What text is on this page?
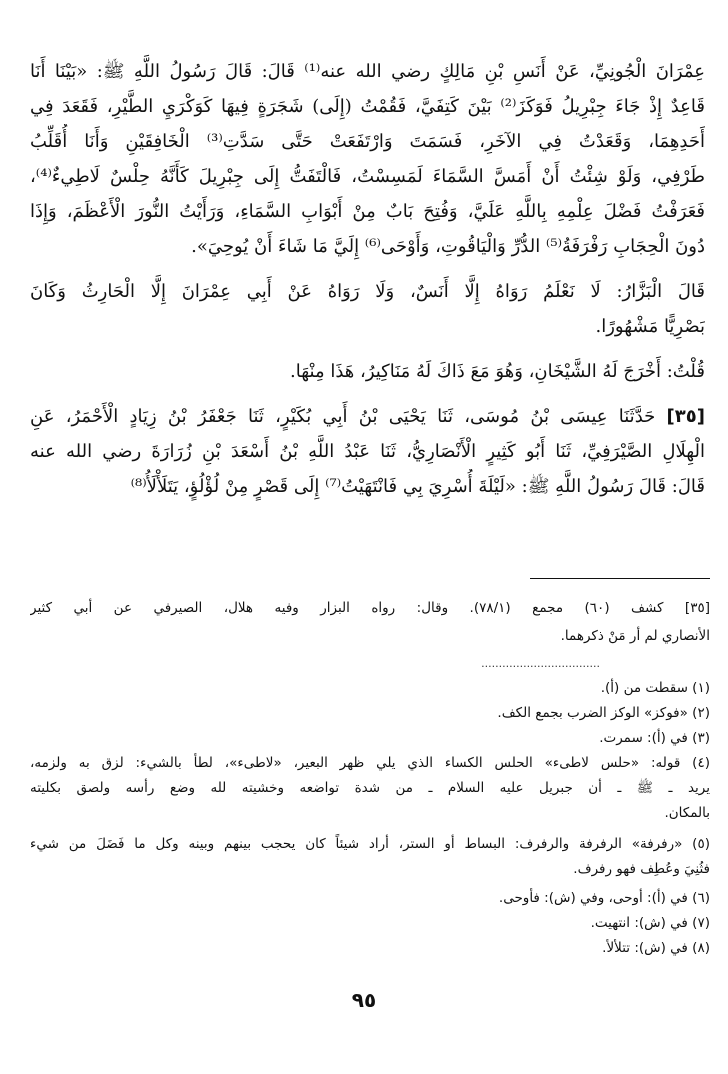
عِمْرَانَ الْجُونِيِّ، عَنْ أَنَسِ بْنِ مَالِكٍ رضي الله عنه⁽¹⁾ قَالَ: قَالَ رَسُولُ اللَّهِ ﷺ: «بَيْنَا أَنَا
قَاعِدٌ إِذْ جَاءَ جِبْرِيلُ فَوَكَزَ⁽²⁾ بَيْنَ كَتِفَيَّ، فَقُمْتُ (إِلَى) شَجَرَةٍ فِيهَا كَوَكْرَيِ الطَّيْرِ، فَقَعَدَ فِي
أَحَدِهِمَا، وَقَعَدْتُ فِي الآخَرِ، فَسَمَتَ وَارْتَفَعَتْ حَتَّى سَدَّتِ⁽³⁾ الْخَافِقَيْنِ وَأَنَا أُقَلِّبُ
طَرْفِي، وَلَوْ شِئْتُ أَنْ أَمَسَّ السَّمَاءَ لَمَسِسْتُ، فَالْتَفَتُّ إِلَى جِبْرِيلَ كَأَنَّهُ حِلْسٌ لَاطِيءٌ⁽⁴⁾،
فَعَرَفْتُ فَضْلَ عِلْمِهِ بِاللَّهِ عَلَيَّ، وَفُتِحَ بَابٌ مِنْ أَبْوَابِ السَّمَاءِ، وَرَأَيْتُ النُّورَ الْأَعْظَمَ، وَإِذَا
دُونَ الْحِجَابِ رَفْرَفَةُ⁽⁵⁾ الدُّرِّ وَالْيَاقُوتِ، وَأَوْحَى⁽⁶⁾ إِلَيَّ مَا شَاءَ أَنْ يُوحِيَ».
قَالَ الْبَزَّارُ: لَا نَعْلَمُ رَوَاهُ إِلَّا أَنَسٌ، وَلَا رَوَاهُ عَنْ أَبِي عِمْرَانَ إِلَّا الْحَارِثُ وَكَانَ
بَصْرِيًّا مَشْهُورًا.
قُلْتُ: أَخْرَجَ لَهُ الشَّيْخَانِ، وَهُوَ مَعَ ذَاكَ لَهُ مَنَاكِيرُ، هَذَا مِنْهَا.
[٣٥] حَدَّثَنَا عِيسَى بْنُ مُوسَى، ثَنَا يَحْيَى بْنُ أَبِي بُكَيْرٍ، ثَنَا جَعْفَرُ بْنُ زِيَادٍ الْأَحْمَرُ، عَنِ
الْهِلَالِ الصَّيْرَفِيِّ، ثَنَا أَبُو كَثِيرٍ الْأَنْصَارِيُّ، ثَنَا عَبْدُ اللَّهِ بْنُ أَسْعَدَ بْنِ زُرَارَةَ رضي الله عنه
قَالَ: قَالَ رَسُولُ اللَّهِ ﷺ: «لَيْلَةَ أُسْرِيَ بِي فَانْتَهَيْتُ⁽⁷⁾ إِلَى قَصْرٍ مِنْ لُؤْلُؤٍ، يَتَلَأْلَأُ⁽⁸⁾
[٣٥] كشف (٦٠) مجمع (٧٨/١). وقال: رواه البزار وفيه هلال، الصيرفي عن أبي كثير
الأنصاري لم أر مَنْ ذكرهما.
..................................
(١) سقطت من (أ).
(٢) «فوكز» الوكز الضرب بجمع الكف.
(٣) في (أ): سمرت.
(٤) قوله: «حلس لاطىء» الحلس الكساء الذي يلي ظهر البعير، «لاطىء»، لطأ بالشيء: لزق به ولزمه،
يريد ـ ﷺ ـ أن جبريل عليه السلام ـ من شدة تواضعه وخشيته لله وضع رأسه ولصق بكليته
بالمكان.
(٥) «رفرفة» الرفرفة والرفرف: البساط أو الستر، أراد شيئاً كان يحجب بينهم وبينه وكل ما فَضَلَ من شيء
فثُنِيَ وعُطِف فهو رفرف.
(٦) في (أ): أوحى، وفي (ش): فأوحى.
(٧) في (ش): انتهيت.
(٨) في (ش): تتلألأ.
٩٥
